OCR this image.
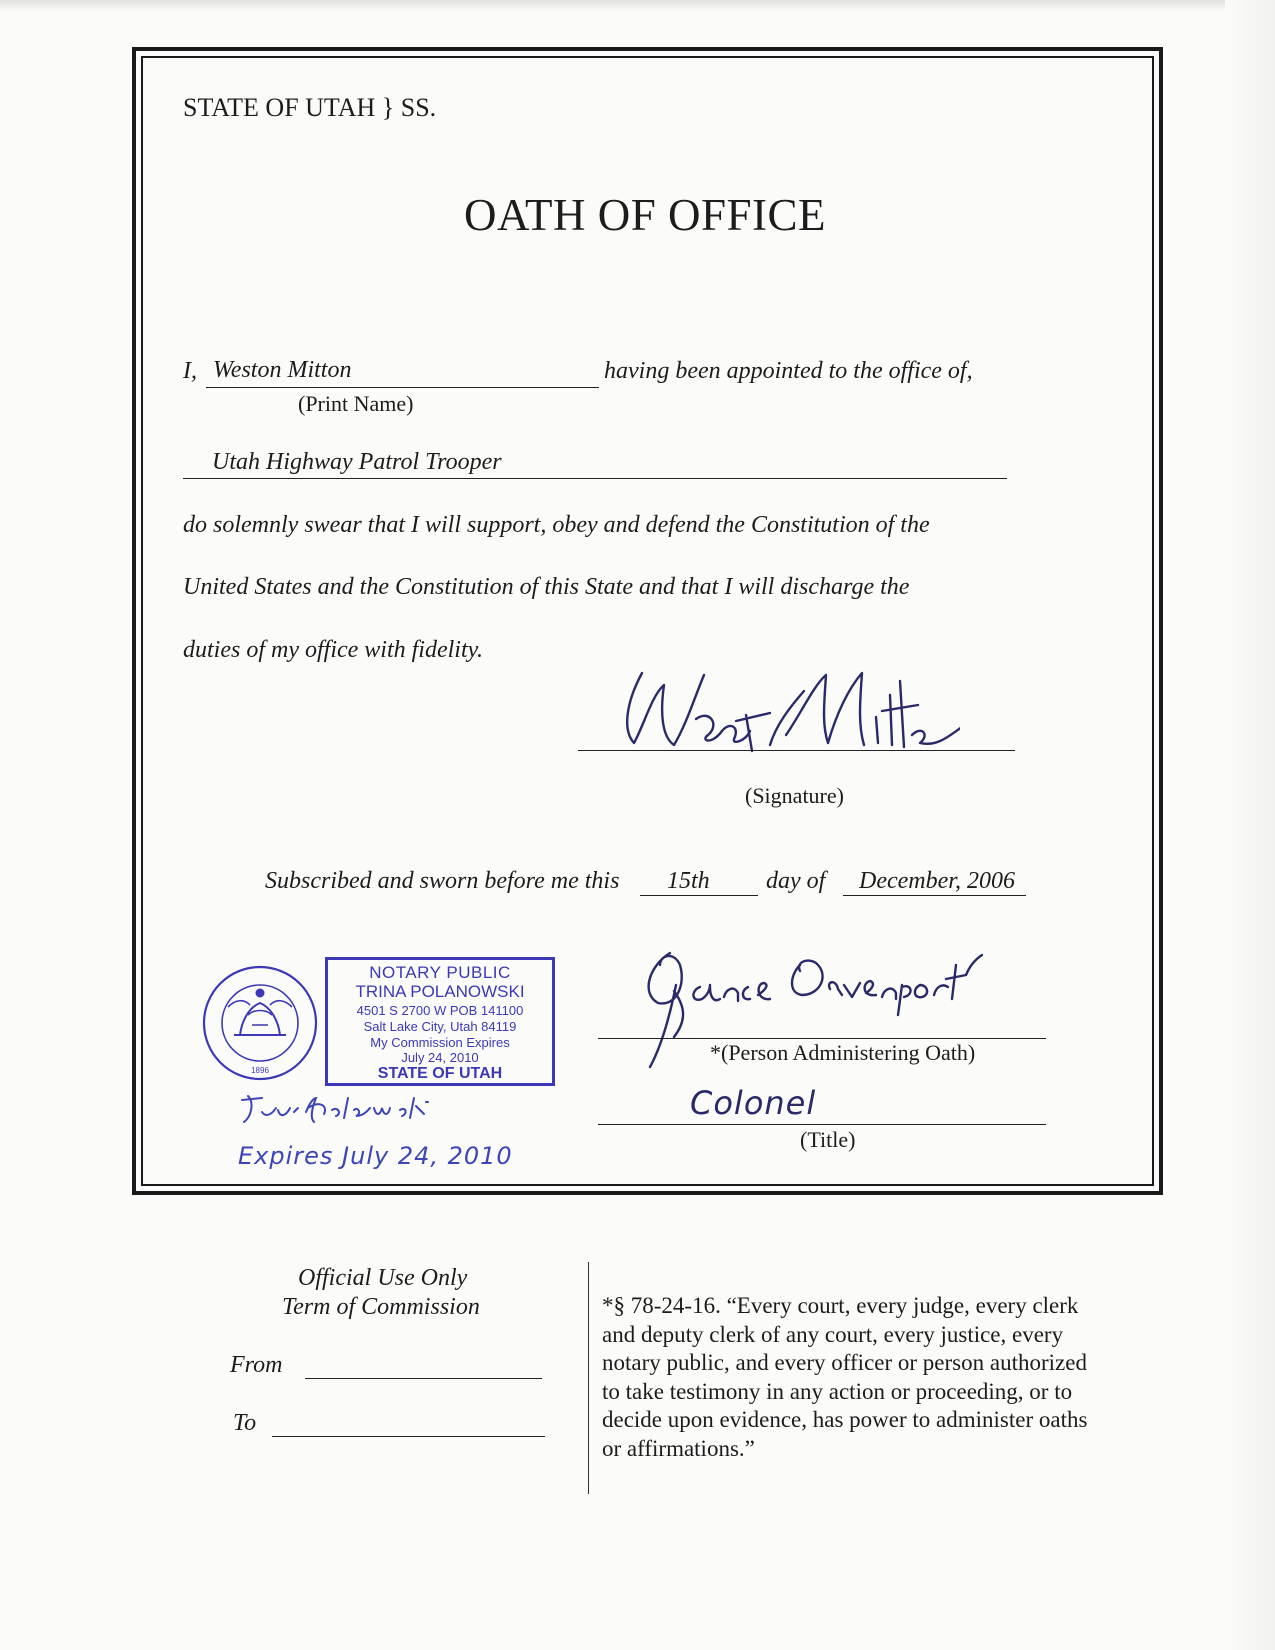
STATE OF UTAH } SS.
OATH OF OFFICE
I, Weston Mitton	having been appointed to the office of,
(Print Name)
Utah Highway Patrol Trooper
do solemnly swear that I will support, obey and defend the Constitution of the
United States and the Constitution of this State and that I will discharge the
duties of my office with fidelity.
(Signature)
Subscribed and sworn before me this 15th day of December, 2006
1896
NOTARY PUBLIC
TRINA POLANOWSKI
4501 S 2700 W POB 141100
Salt Lake City, Utah 84119
My Commission Expires
July 24, 2010
STATE OF UTAH
Expires July 24, 2010
*(Person Administering Oath)
Colonel
(Title)
Official Use Only
Term of Commission
From
To
*§ 78-24-16. “Every court, every judge, every clerk and deputy clerk of any court, every justice, every notary public, and every officer or person authorized to take testimony in any action or proceeding, or to decide upon evidence, has power to administer oaths or affirmations.”
